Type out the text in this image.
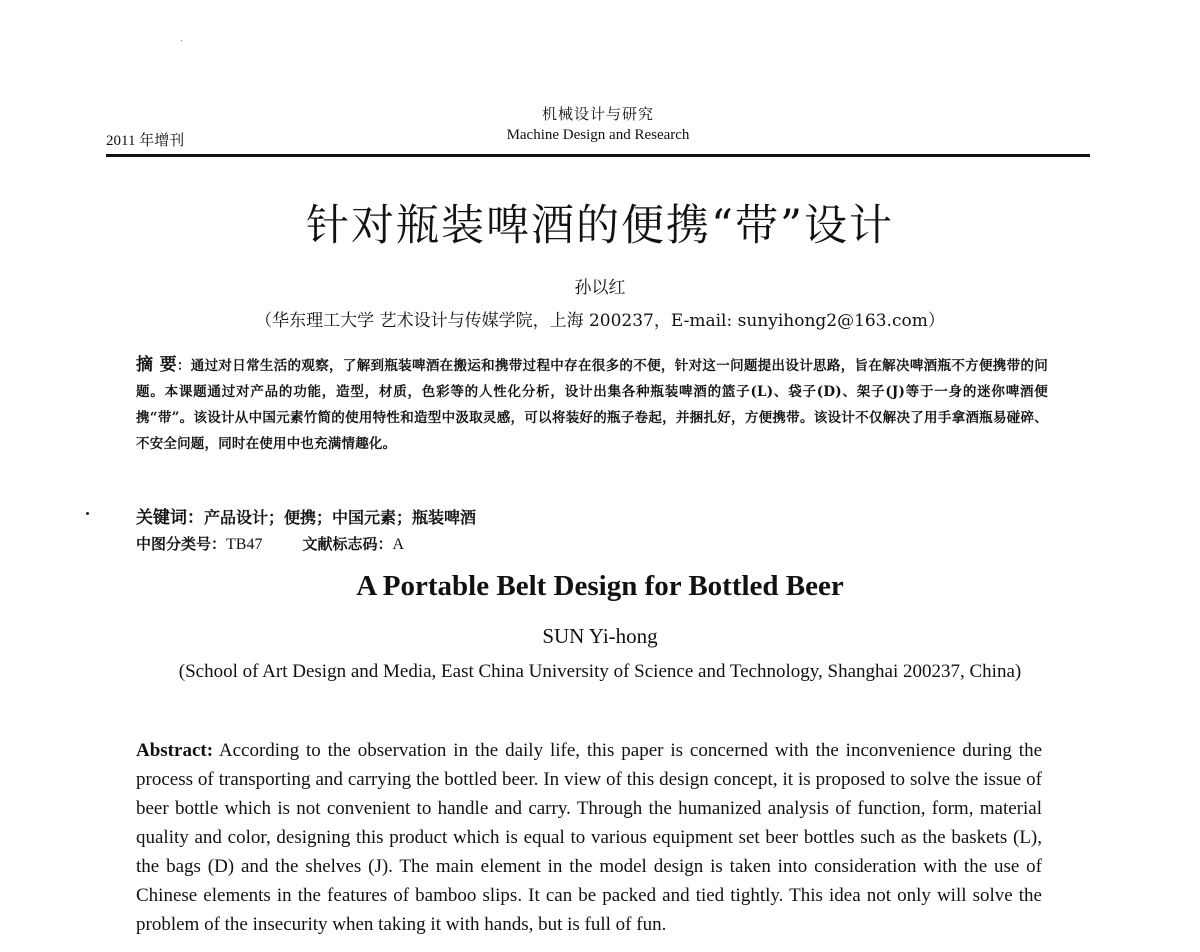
·
2011 年增刊
机械设计与研究
Machine Design and Research
针对瓶装啤酒的便携“带”设计
孙以红
（华东理工大学 艺术设计与传媒学院，上海 200237，E-mail: sunyihong2@163.com）
摘 要：通过对日常生活的观察，了解到瓶装啤酒在搬运和携带过程中存在很多的不便，针对这一问题提出设计思路，旨在解决啤酒瓶不方便携带的问题。本课题通过对产品的功能，造型，材质，色彩等的人性化分析，设计出集各种瓶装啤酒的篮子(L)、袋子(D)、架子(J)等于一身的迷你啤酒便携“带”。该设计从中国元素竹简的使用特性和造型中汲取灵感，可以将装好的瓶子卷起，并捆扎好，方便携带。该设计不仅解决了用手拿酒瓶易碰碎、不安全问题，同时在使用中也充满情趣化。
关键词：产品设计；便携；中国元素；瓶装啤酒
中图分类号：TB47	文献标志码：A
A Portable Belt Design for Bottled Beer
SUN Yi-hong
(School of Art Design and Media, East China University of Science and Technology, Shanghai 200237, China)
Abstract: According to the observation in the daily life, this paper is concerned with the inconvenience during the process of transporting and carrying the bottled beer. In view of this design concept, it is proposed to solve the issue of beer bottle which is not convenient to handle and carry. Through the humanized analysis of function, form, material quality and color, designing this product which is equal to various equipment set beer bottles such as the baskets (L), the bags (D) and the shelves (J). The main element in the model design is taken into consideration with the use of Chinese elements in the features of bamboo slips. It can be packed and tied tightly. This idea not only will solve the problem of the insecurity when taking it with hands, but is full of fun.
